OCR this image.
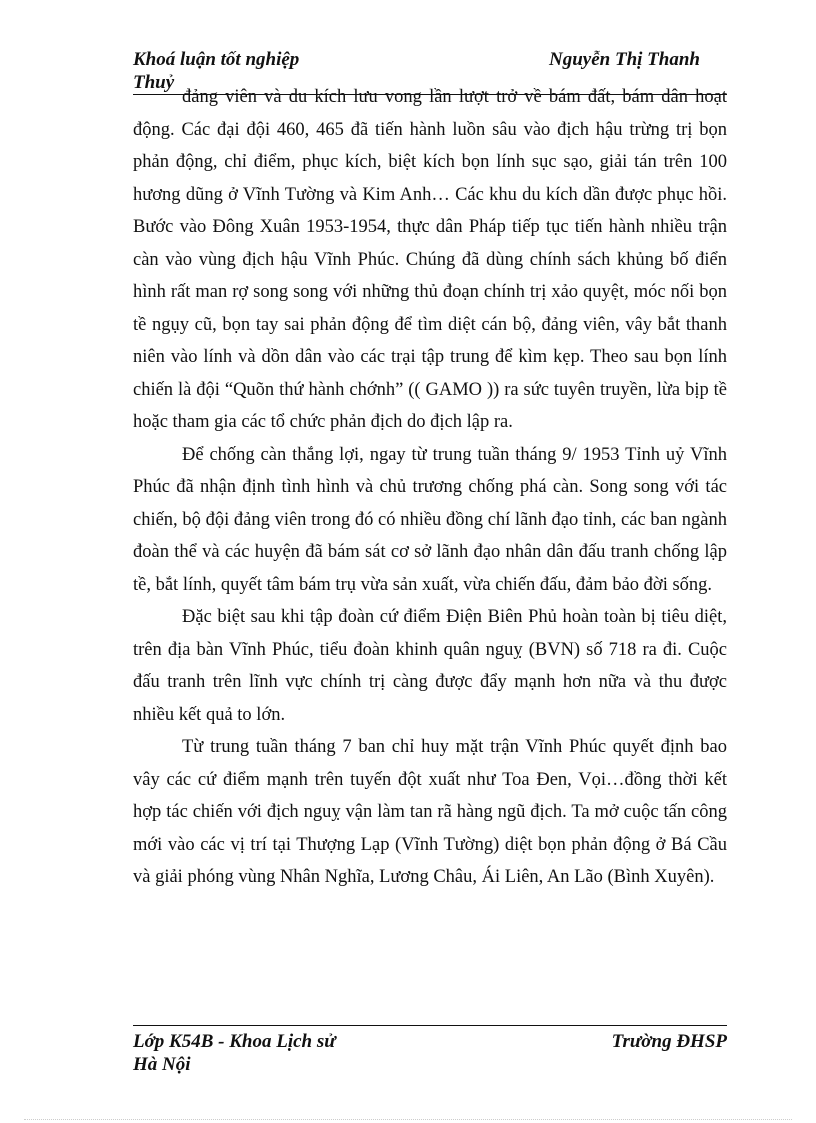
Khoá luận tốt nghiệp	Nguyễn Thị Thanh
Thuỷ

đảng viên và du kích lưu vong lần lượt trở về bám đất, bám dân hoạt động. Các đại đội 460, 465 đã tiến hành luồn sâu vào địch hậu trừng trị bọn phản động, chỉ điểm, phục kích, biệt kích bọn lính sục sạo, giải tán trên 100 hương dũng ở Vĩnh Tường và Kim Anh… Các khu du kích dần được phục hồi. Bước vào Đông Xuân 1953-1954, thực dân Pháp tiếp tục tiến hành nhiều trận càn vào vùng địch hậu Vĩnh Phúc. Chúng đã dùng chính sách khủng bố điển hình rất man rợ song song với những thủ đoạn chính trị xảo quyệt, móc nối bọn tề ngụy cũ, bọn tay sai phản động để tìm diệt cán bộ, đảng viên, vây bắt thanh niên vào lính và dồn dân vào các trại tập trung để kìm kẹp. Theo sau bọn lính chiến là đội “Quõn thứ hành chớnh” (( GAMO )) ra sức tuyên truyền, lừa bịp tề hoặc tham gia các tổ chức phản địch do địch lập ra.

Để chống càn thắng lợi, ngay từ trung tuần tháng 9/ 1953 Tỉnh uỷ Vĩnh Phúc đã nhận định tình hình và chủ trương chống phá càn. Song song với tác chiến, bộ đội đảng viên trong đó có nhiều đồng chí lãnh đạo tỉnh, các ban ngành đoàn thể và các huyện đã bám sát cơ sở lãnh đạo nhân dân đấu tranh chống lập tề, bắt lính, quyết tâm bám trụ vừa sản xuất, vừa chiến đấu, đảm bảo đời sống.

Đặc biệt sau khi tập đoàn cứ điểm Điện Biên Phủ hoàn toàn bị tiêu diệt, trên địa bàn Vĩnh Phúc, tiểu đoàn khinh quân nguỵ (BVN) số 718 ra đi. Cuộc đấu tranh trên lĩnh vực chính trị càng được đẩy mạnh hơn nữa và thu được nhiều kết quả to lớn.

Từ trung tuần tháng 7 ban chỉ huy mặt trận Vĩnh Phúc quyết định bao vây các cứ điểm mạnh trên tuyến đột xuất như Toa Đen, Vọi…đồng thời kết hợp tác chiến với địch nguỵ vận làm tan rã hàng ngũ địch. Ta mở cuộc tấn công mới vào các vị trí tại Thượng Lạp (Vĩnh Tường) diệt bọn phản động ở Bá Cầu và giải phóng vùng Nhân Nghĩa, Lương Châu, Ái Liên, An Lão (Bình Xuyên).

Lớp K54B - Khoa Lịch sử	Trường ĐHSP
Hà Nội
